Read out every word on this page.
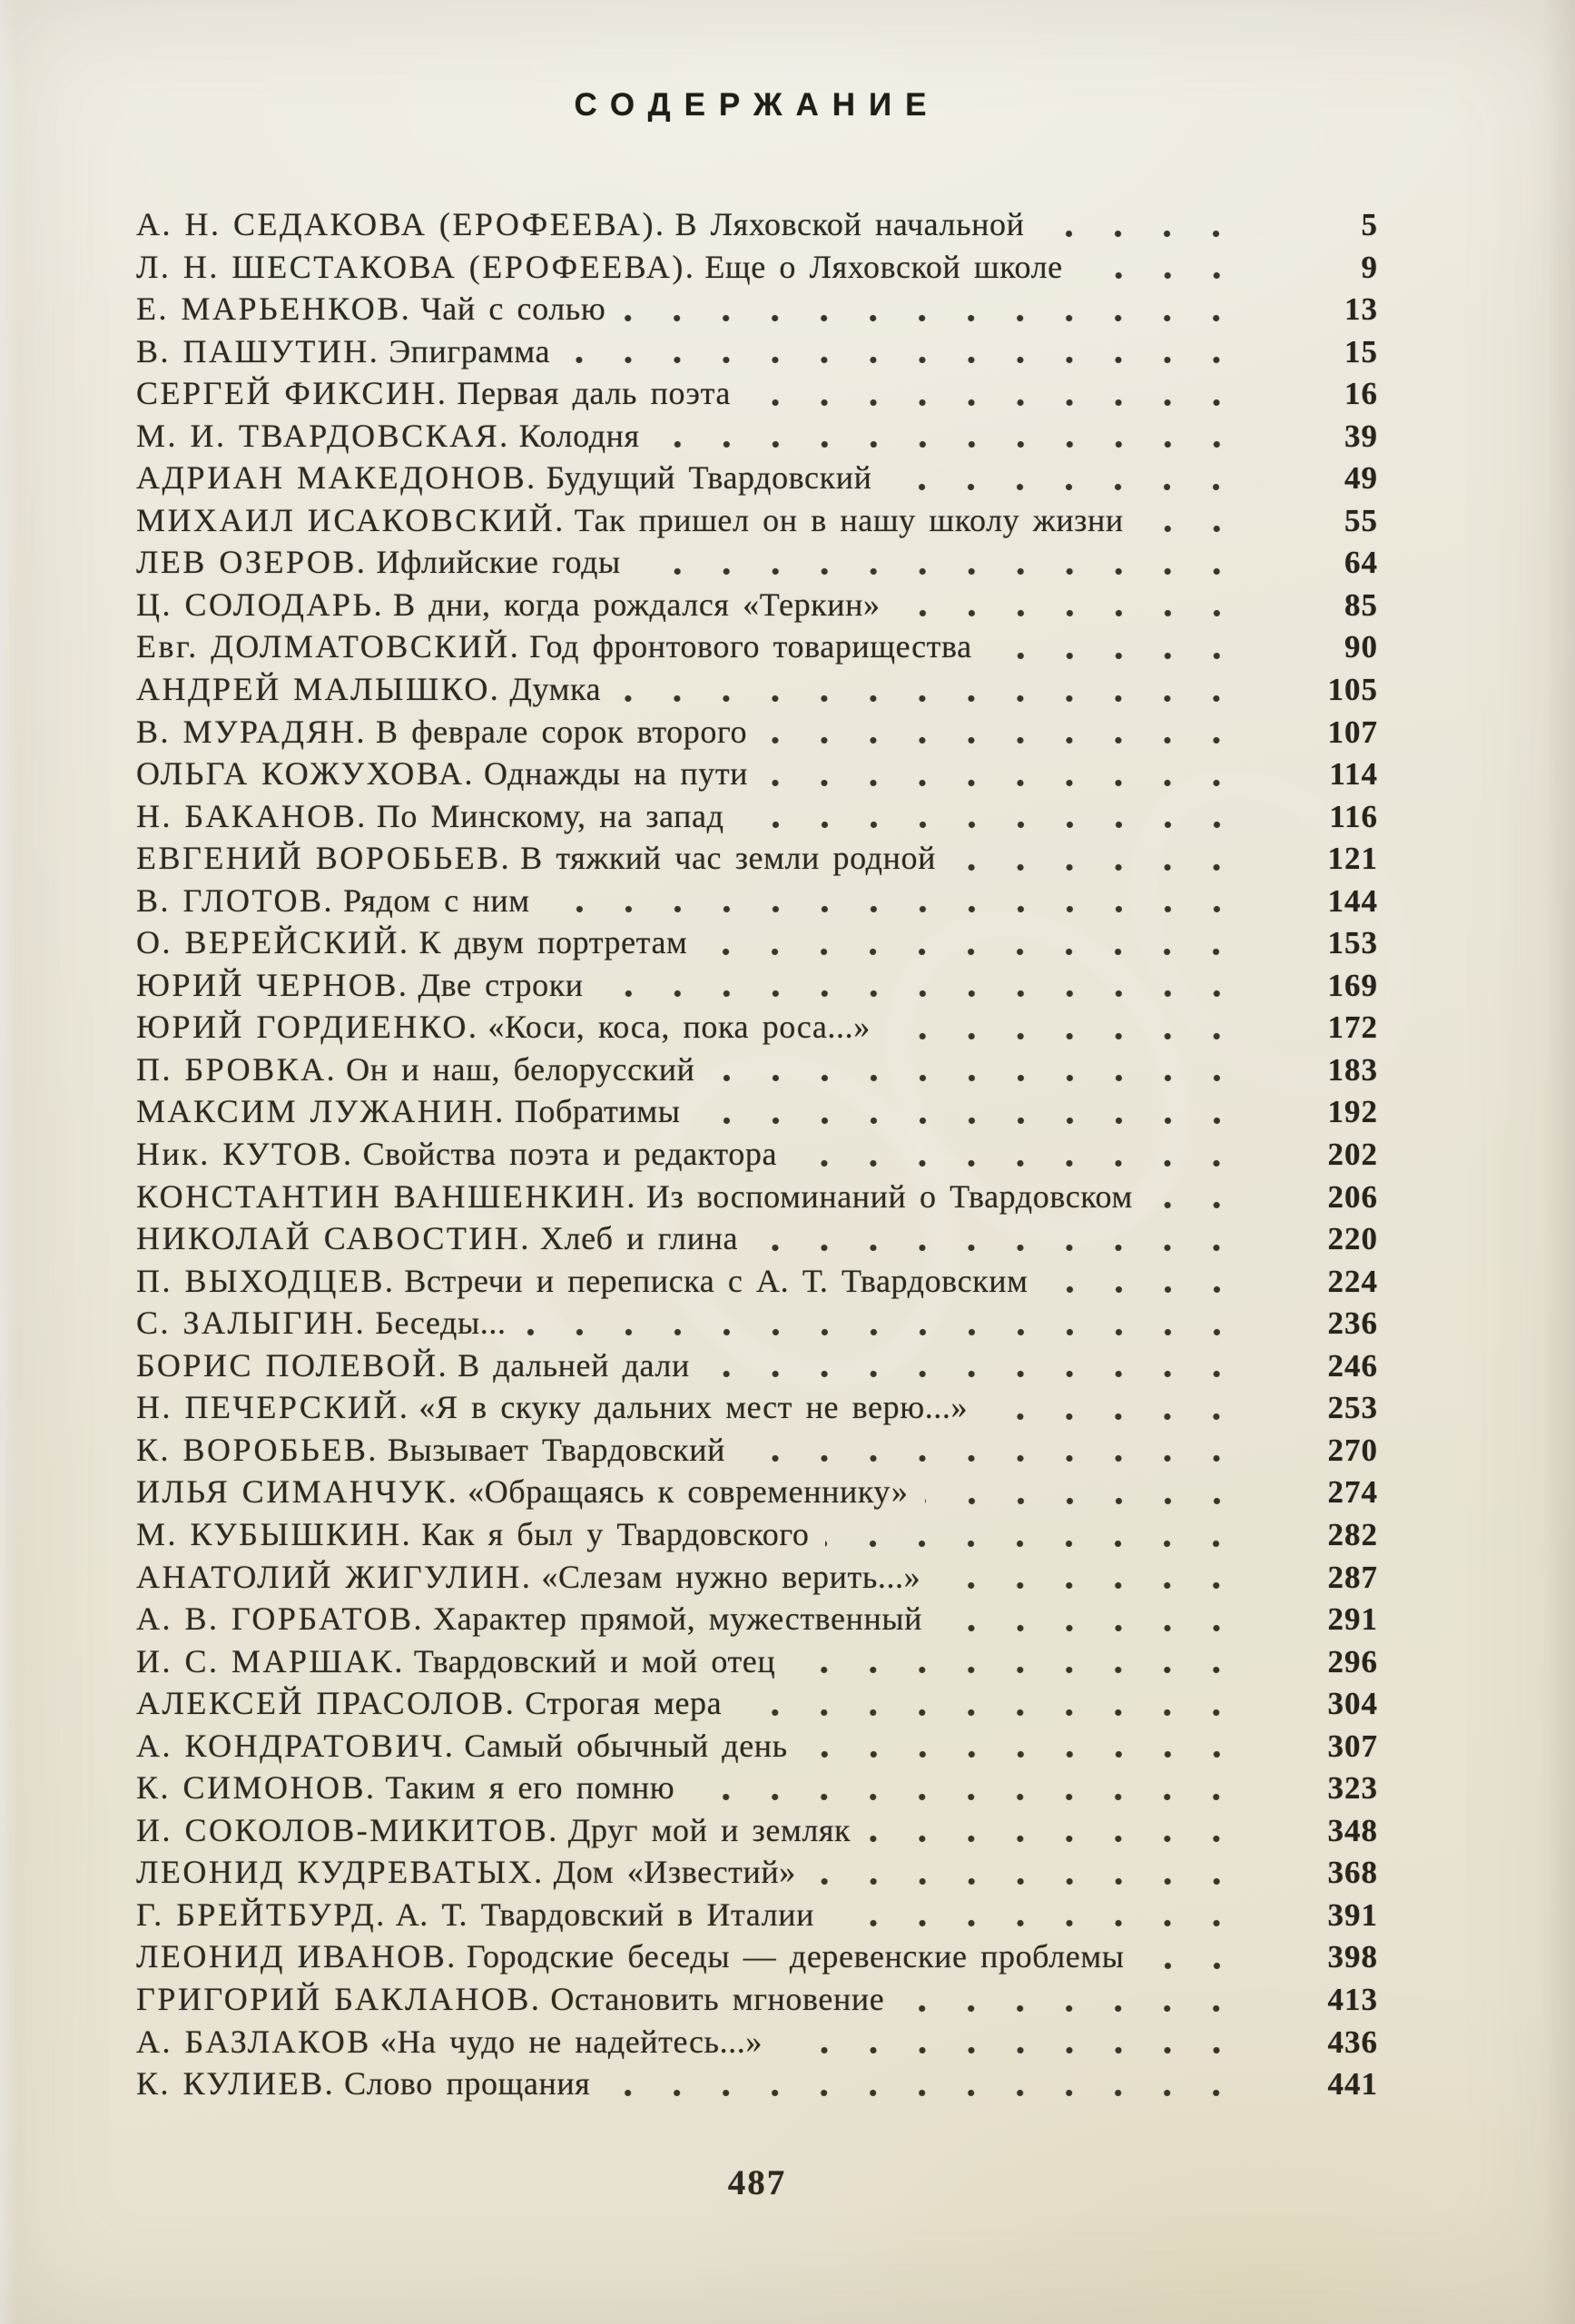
СОДЕРЖАНИЕ
А. Н. СЕДАКОВА (ЕРОФЕЕВА). В Ляховской начальной	5
Л. Н. ШЕСТАКОВА (ЕРОФЕЕВА). Еще о Ляховской школе	9
Е. МАРЬЕНКОВ. Чай с солью	13
В. ПАШУТИН. Эпиграмма	15
СЕРГЕЙ ФИКСИН. Первая даль поэта	16
М. И. ТВАРДОВСКАЯ. Колодня	39
АДРИАН МАКЕДОНОВ. Будущий Твардовский	49
МИХАИЛ ИСАКОВСКИЙ. Так пришел он в нашу школу жизни	55
ЛЕВ ОЗЕРОВ. Ифлийские годы	64
Ц. СОЛОДАРЬ. В дни, когда рождался «Теркин»	85
Евг. ДОЛМАТОВСКИЙ. Год фронтового товарищества	90
АНДРЕЙ МАЛЫШКО. Думка	105
В. МУРАДЯН. В феврале сорок второго	107
ОЛЬГА КОЖУХОВА. Однажды на пути	114
Н. БАКАНОВ. По Минскому, на запад	116
ЕВГЕНИЙ ВОРОБЬЕВ. В тяжкий час земли родной	121
В. ГЛОТОВ. Рядом с ним	144
О. ВЕРЕЙСКИЙ. К двум портретам	153
ЮРИЙ ЧЕРНОВ. Две строки	169
ЮРИЙ ГОРДИЕНКО. «Коси, коса, пока роса...»	172
П. БРОВКА. Он и наш, белорусский	183
МАКСИМ ЛУЖАНИН. Побратимы	192
Ник. КУТОВ. Свойства поэта и редактора	202
КОНСТАНТИН ВАНШЕНКИН. Из воспоминаний о Твардовском	206
НИКОЛАЙ САВОСТИН. Хлеб и глина	220
П. ВЫХОДЦЕВ. Встречи и переписка с А. Т. Твардовским	224
С. ЗАЛЫГИН. Беседы...	236
БОРИС ПОЛЕВОЙ. В дальней дали	246
Н. ПЕЧЕРСКИЙ. «Я в скуку дальних мест не верю...»	253
К. ВОРОБЬЕВ. Вызывает Твардовский	270
ИЛЬЯ СИМАНЧУК. «Обращаясь к современнику»	274
М. КУБЫШКИН. Как я был у Твардовского	282
АНАТОЛИЙ ЖИГУЛИН. «Слезам нужно верить...»	287
А. В. ГОРБАТОВ. Характер прямой, мужественный	291
И. С. МАРШАК. Твардовский и мой отец	296
АЛЕКСЕЙ ПРАСОЛОВ. Строгая мера	304
А. КОНДРАТОВИЧ. Самый обычный день	307
К. СИМОНОВ. Таким я его помню	323
И. СОКОЛОВ-МИКИТОВ. Друг мой и земляк	348
ЛЕОНИД КУДРЕВАТЫХ. Дом «Известий»	368
Г. БРЕЙТБУРД. А. Т. Твардовский в Италии	391
ЛЕОНИД ИВАНОВ. Городские беседы — деревенские проблемы	398
ГРИГОРИЙ БАКЛАНОВ. Остановить мгновение	413
А. БАЗЛАКОВ «На чудо не надейтесь...»	436
К. КУЛИЕВ. Слово прощания	441
487
